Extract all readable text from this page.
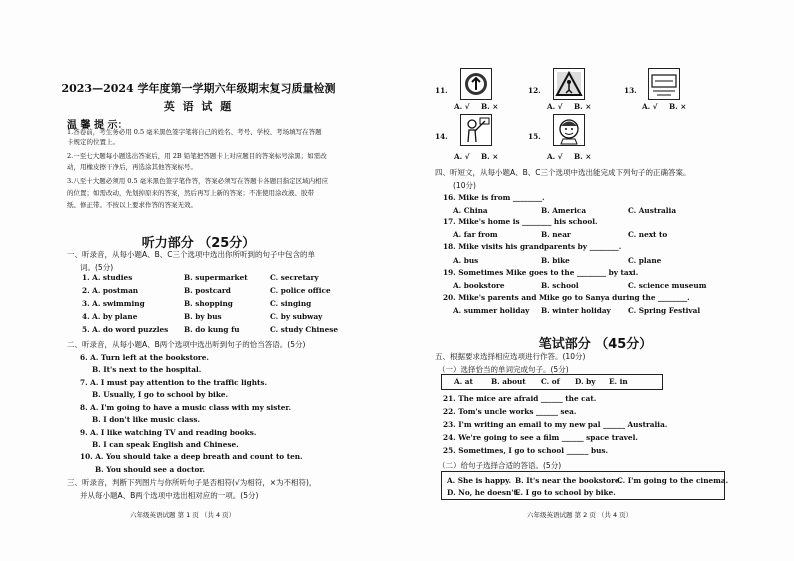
2023—2024 学年度第一学期六年级期末复习质量检测
英 语 试 题
温 馨 提 示：
1.答卷前，考生务必用 0.5 毫米黑色签字笔将自己的姓名、考号、学校、考场填写在答题
卡规定的位置上。
2.一至七大题每小题选出答案后，用 2B 铅笔把答题卡上对应题目的答案标号涂黑；如需改
动，用橡皮擦干净后，再选涂其他答案标号。
3.八至十大题必须用 0.5 毫米黑色签字笔作答，答案必须写在答题卡各题目指定区域内相应
的位置；如需改动，先划掉原来的答案，然后再写上新的答案；不准使用涂改液、胶带
纸、修正带。不按以上要求作答的答案无效。
听力部分 （25分）
一、听录音，从每小题A、B、C三个选项中选出你所听到的句子中包含的单
词。(5分)
1. A. studies	B. supermarket	C. secretary
2. A. postman	B. postcard	C. police office
3. A. swimming	B. shopping	C. singing
4. A. by plane	B. by bus	C. by subway
5. A. do word puzzles B. do kung fu	C. study Chinese
二、听录音，从每小题A、B两个选项中选出听到句子的恰当答语。(5分)
6. A. Turn left at the bookstore.
B. It's next to the hospital.
7. A. I must pay attention to the traffic lights.
B. Usually, I go to school by bike.
8. A. I'm going to have a music class with my sister.
B. I don't like music class.
9. A. I like watching TV and reading books.
B. I can speak English and Chinese.
10. A. You should take a deep breath and count to ten.
B. You should see a doctor.
三、听录音，判断下列图片与你所听句子是否相符(√为相符，×为不相符)，
并从每小题A、B两个选项中选出相对应的一项。(5分)
六年级英语试题 第 1 页 （共 4 页）
11.
A. √ B. ×
12.
A. √ B. ×
13.
A. √ B. ×
14.
A. √ B. ×
15.
A. √ B. ×
四、听短文，从每小题A、B、C三个选项中选出能完成下列句子的正确答案。
(10分)
16. Mike is from ________.
A. China	B. America	C. Australia
17. Mike's home is ________ his school.
A. far from	B. near	C. next to
18. Mike visits his grandparents by ________.
A. bus	B. bike	C. plane
19. Sometimes Mike goes to the ________ by taxi.
A. bookstore	B. school	C. science museum
20. Mike's parents and Mike go to Sanya during the ________.
A. summer holiday B. winter holiday C. Spring Festival
笔试部分 （45分）
五、根据要求选择相应选项进行作答。(10分)
（一）选择恰当的单词完成句子。(5分)
A. at B. about C. of D. by E. in
21. The mice are afraid ______ the cat.
22. Tom's uncle works ______ sea.
23. I'm writing an email to my new pal ______ Australia.
24. We're going to see a film ______ space travel.
25. Sometimes, I go to school ______ bus.
（二）给句子选择合适的答语。(5分)
A. She is happy. B. It's near the bookstore.
C. I'm going to the cinema.
D. No, he doesn't.
E. I go to school by bike.
六年级英语试题 第 2 页 （共 4 页）
